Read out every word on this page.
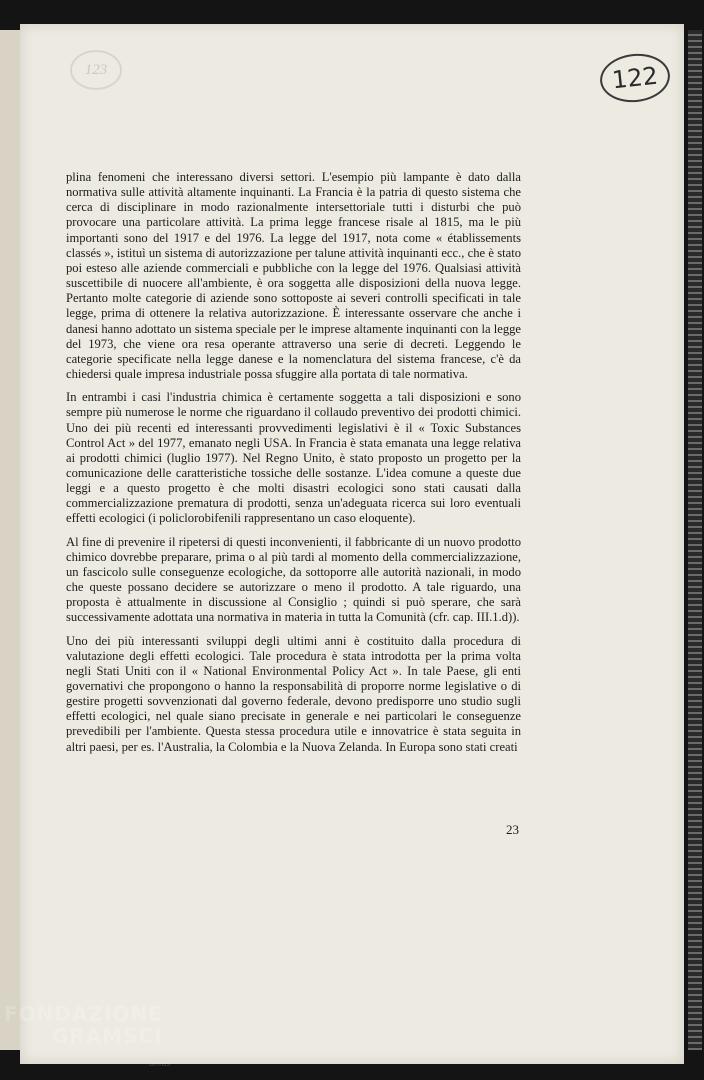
123	122

plina fenomeni che interessano diversi settori. L'esempio più lampante è dato dalla normativa sulle attività altamente inquinanti. La Francia è la patria di questo sistema che cerca di disciplinare in modo razionalmente intersettoriale tutti i disturbi che può provocare una particolare attività. La prima legge francese risale al 1815, ma le più importanti sono del 1917 e del 1976. La legge del 1917, nota come « établissements classés », istituì un sistema di autorizzazione per talune attività inquinanti ecc., che è stato poi esteso alle aziende commerciali e pubbliche con la legge del 1976. Qualsiasi attività suscettibile di nuocere all'ambiente, è ora soggetta alle disposizioni della nuova legge. Pertanto molte categorie di aziende sono sottoposte ai severi controlli specificati in tale legge, prima di ottenere la relativa autorizzazione. È interessante osservare che anche i danesi hanno adottato un sistema speciale per le imprese altamente inquinanti con la legge del 1973, che viene ora resa operante attraverso una serie di decreti. Leggendo le categorie specificate nella legge danese e la nomenclatura del sistema francese, c'è da chiedersi quale impresa industriale possa sfuggire alla portata di tale normativa.

In entrambi i casi l'industria chimica è certamente soggetta a tali disposizioni e sono sempre più numerose le norme che riguardano il collaudo preventivo dei prodotti chimici. Uno dei più recenti ed interessanti provvedimenti legislativi è il « Toxic Substances Control Act » del 1977, emanato negli USA. In Francia è stata emanata una legge relativa ai prodotti chimici (luglio 1977). Nel Regno Unito, è stato proposto un progetto per la comunicazione delle caratteristiche tossiche delle sostanze. L'idea comune a queste due leggi e a questo progetto è che molti disastri ecologici sono stati causati dalla commercializzazione prematura di prodotti, senza un'adeguata ricerca sui loro eventuali effetti ecologici (i policlorobifenili rappresentano un caso eloquente).

Al fine di prevenire il ripetersi di questi inconvenienti, il fabbricante di un nuovo prodotto chimico dovrebbe preparare, prima o al più tardi al momento della commercializzazione, un fascicolo sulle conseguenze ecologiche, da sottoporre alle autorità nazionali, in modo che queste possano decidere se autorizzare o meno il prodotto. A tale riguardo, una proposta è attualmente in discussione al Consiglio ; quindi si può sperare, che sarà successivamente adottata una normativa in materia in tutta la Comunità (cfr. cap. III.1.d)).

Uno dei più interessanti sviluppi degli ultimi anni è costituito dalla procedura di valutazione degli effetti ecologici. Tale procedura è stata introdotta per la prima volta negli Stati Uniti con il « National Environmental Policy Act ». In tale Paese, gli enti governativi che propongono o hanno la responsabilità di proporre norme legislative o di gestire progetti sovvenzionati dal governo federale, devono predisporre uno studio sugli effetti ecologici, nel quale siano precisate in generale e nei particolari le conseguenze prevedibili per l'ambiente. Questa stessa procedura utile e innovatrice è stata seguita in altri paesi, per es. l'Australia, la Colombia e la Nuova Zelanda. In Europa sono stati creati

23
FONDAZIONE
GRAMSCI
onlus
